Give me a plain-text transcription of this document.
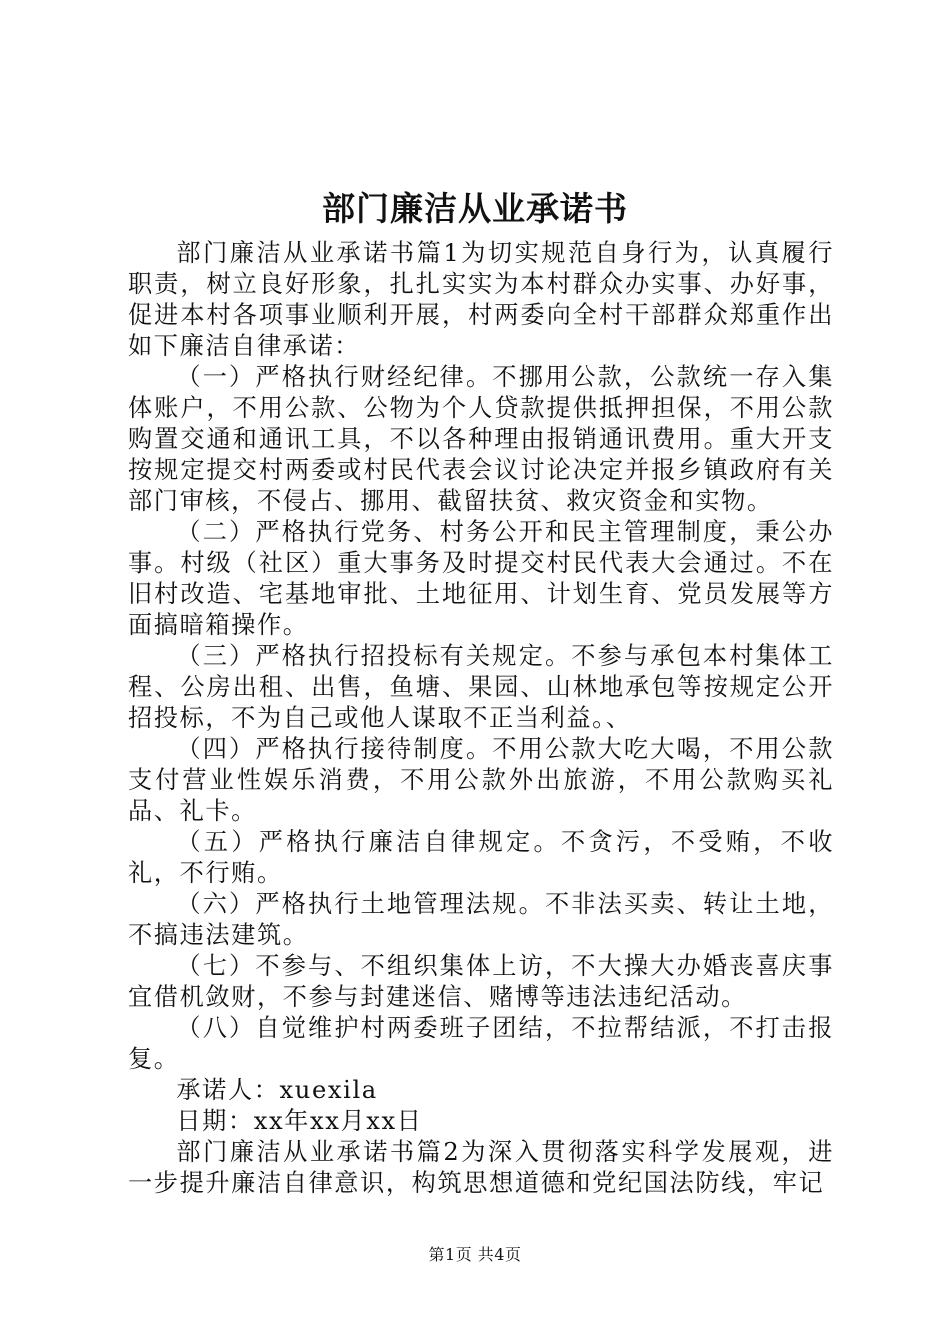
部门廉洁从业承诺书

部门廉洁从业承诺书篇1为切实规范自身行为，认真履行职责，树立良好形象，扎扎实实为本村群众办实事、办好事，促进本村各项事业顺利开展，村两委向全村干部群众郑重作出如下廉洁自律承诺：

（一）严格执行财经纪律。不挪用公款，公款统一存入集体账户，不用公款、公物为个人贷款提供抵押担保，不用公款购置交通和通讯工具，不以各种理由报销通讯费用。重大开支按规定提交村两委或村民代表会议讨论决定并报乡镇政府有关部门审核，不侵占、挪用、截留扶贫、救灾资金和实物。

（二）严格执行党务、村务公开和民主管理制度，秉公办事。村级（社区）重大事务及时提交村民代表大会通过。不在旧村改造、宅基地审批、土地征用、计划生育、党员发展等方面搞暗箱操作。

（三）严格执行招投标有关规定。不参与承包本村集体工程、公房出租、出售，鱼塘、果园、山林地承包等按规定公开招投标，不为自己或他人谋取不正当利益。、

（四）严格执行接待制度。不用公款大吃大喝，不用公款支付营业性娱乐消费，不用公款外出旅游，不用公款购买礼品、礼卡。

（五）严格执行廉洁自律规定。不贪污，不受贿，不收礼，不行贿。

（六）严格执行土地管理法规。不非法买卖、转让土地，不搞违法建筑。

（七）不参与、不组织集体上访，不大操大办婚丧喜庆事宜借机敛财，不参与封建迷信、赌博等违法违纪活动。

（八）自觉维护村两委班子团结，不拉帮结派，不打击报复。

承诺人：xuexila

日期：xx年xx月xx日

部门廉洁从业承诺书篇2为深入贯彻落实科学发展观，进一步提升廉洁自律意识，构筑思想道德和党纪国法防线，牢记

第1页 共4页
